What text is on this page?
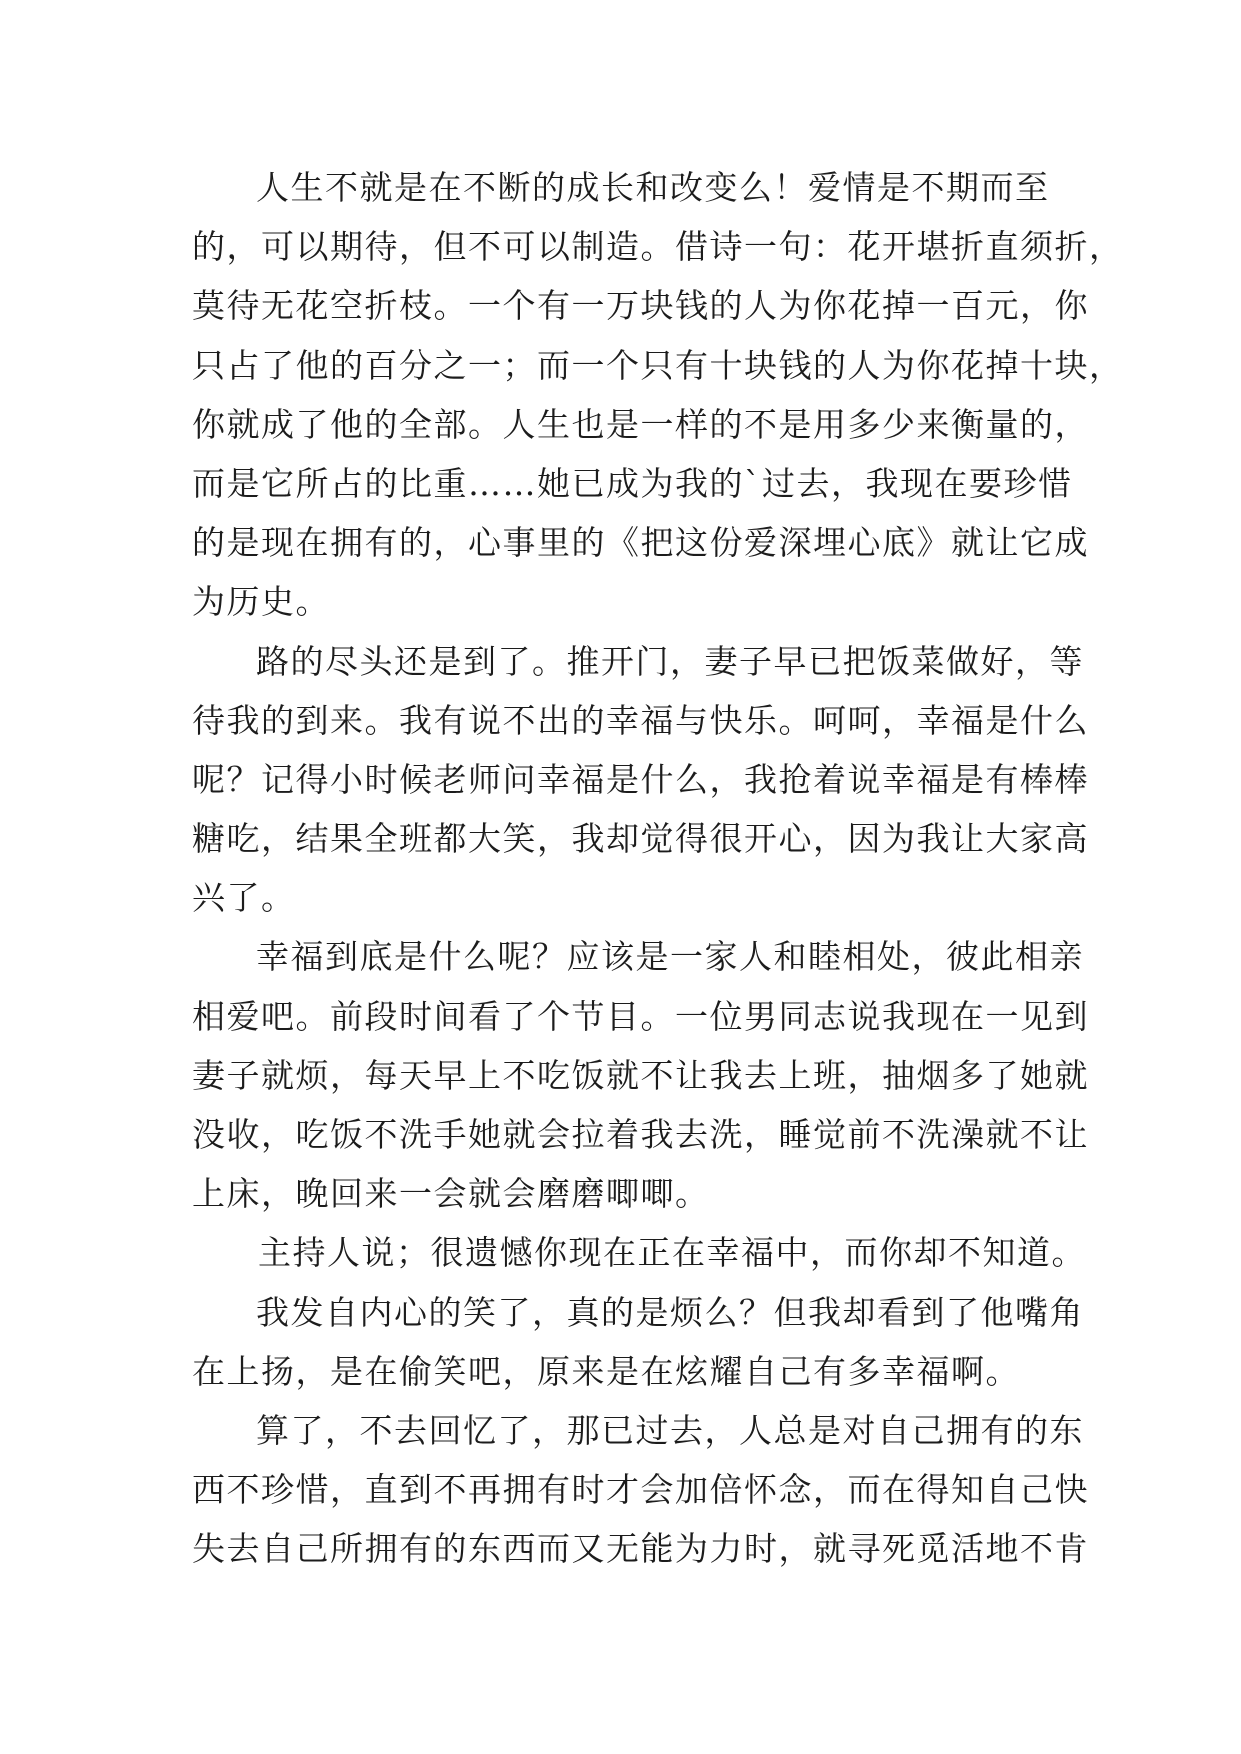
人生不就是在不断的成长和改变么！爱情是不期而至
的，可以期待，但不可以制造。借诗一句：花开堪折直须折，
莫待无花空折枝。一个有一万块钱的人为你花掉一百元，你
只占了他的百分之一；而一个只有十块钱的人为你花掉十块，
你就成了他的全部。人生也是一样的不是用多少来衡量的，
而是它所占的比重……她已成为我的`过去，我现在要珍惜
的是现在拥有的，心事里的《把这份爱深埋心底》就让它成
为历史。
路的尽头还是到了。推开门，妻子早已把饭菜做好，等
待我的到来。我有说不出的幸福与快乐。呵呵，幸福是什么
呢？记得小时候老师问幸福是什么，我抢着说幸福是有棒棒
糖吃，结果全班都大笑，我却觉得很开心，因为我让大家高
兴了。
幸福到底是什么呢？应该是一家人和睦相处，彼此相亲
相爱吧。前段时间看了个节目。一位男同志说我现在一见到
妻子就烦，每天早上不吃饭就不让我去上班，抽烟多了她就
没收，吃饭不洗手她就会拉着我去洗，睡觉前不洗澡就不让
上床，晚回来一会就会磨磨唧唧。
主持人说；很遗憾你现在正在幸福中，而你却不知道。
我发自内心的笑了，真的是烦么？但我却看到了他嘴角
在上扬，是在偷笑吧，原来是在炫耀自己有多幸福啊。
算了，不去回忆了，那已过去，人总是对自己拥有的东
西不珍惜，直到不再拥有时才会加倍怀念，而在得知自己快
失去自己所拥有的东西而又无能为力时，就寻死觅活地不肯
